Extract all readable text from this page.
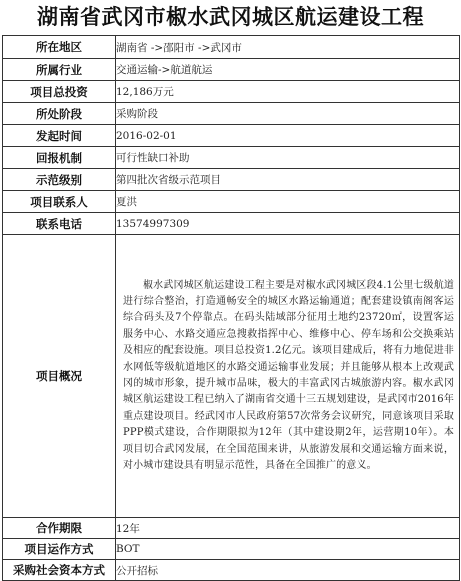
湖南省武冈市椒水武冈城区航运建设工程
所在地区	湖南省 ->邵阳市 ->武冈市
所属行业	交通运输->航道航运
项目总投资	12,186万元
所处阶段	采购阶段
发起时间	2016-02-01
回报机制	可行性缺口补助
示范级别	第四批次省级示范项目
项目联系人	夏洪
联系电话	13574997309
项目概况	椒水武冈城区航运建设工程主要是对椒水武冈城区段4.1公里七级航道进行综合整治，打造通畅安全的城区水路运输通道；配套建设镇南阁客运综合码头及7个停靠点。在码头陆域部分征用土地约23720㎡，设置客运服务中心、水路交通应急搜救指挥中心、维修中心、停车场和公交换乘站及相应的配套设施。项目总投资1.2亿元。该项目建成后，将有力地促进非水网低等级航道地区的水路交通运输事业发展；并且能够从根本上改观武冈的城市形象，提升城市品味，极大的丰富武冈古城旅游内容。椒水武冈城区航运建设工程已纳入了湖南省交通十三五规划建设，是武冈市2016年重点建设项目。经武冈市人民政府第57次常务会议研究，同意该项目采取PPP模式建设，合作期限拟为12年（其中建设期2年，运营期10年）。本项目切合武冈发展，在全国范围来讲，从旅游发展和交通运输方面来说，对小城市建设具有明显示范性，具备在全国推广的意义。
合作期限	12年
项目运作方式	BOT
采购社会资本方式	公开招标
